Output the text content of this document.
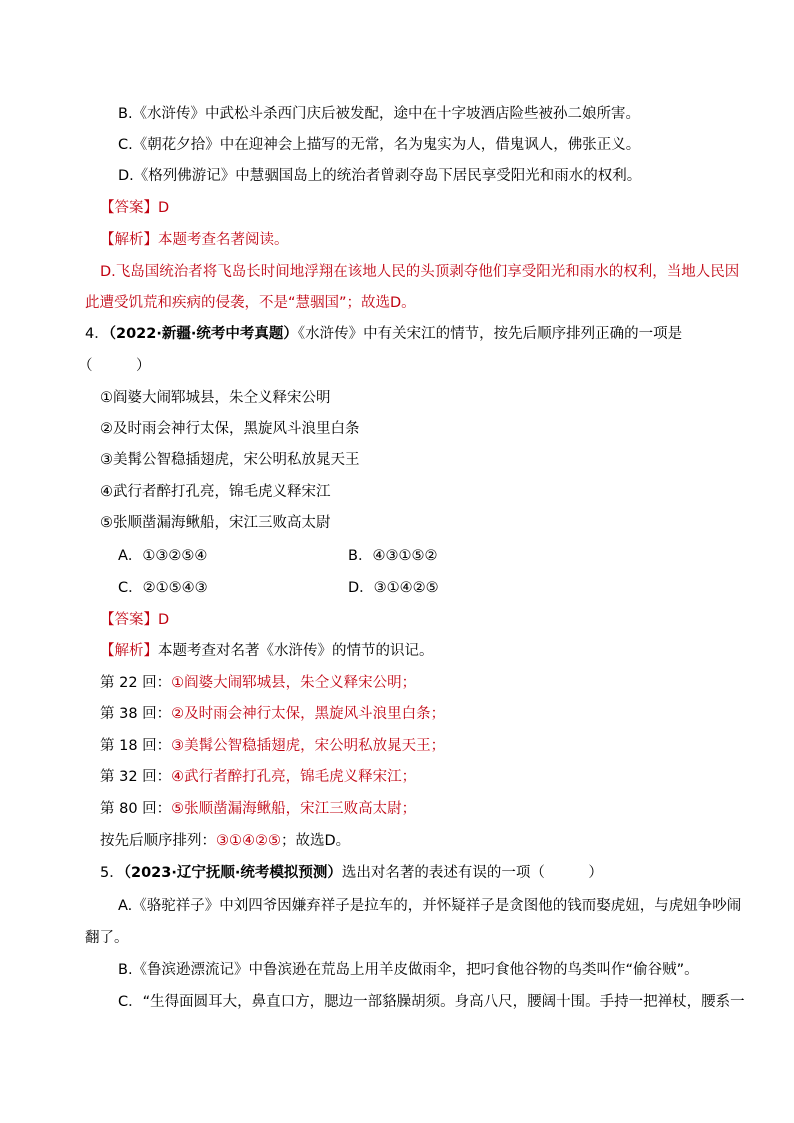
B.《水浒传》中武松斗杀西门庆后被发配，途中在十字坡酒店险些被孙二娘所害。
C.《朝花夕拾》中在迎神会上描写的无常，名为鬼实为人，借鬼讽人，佛张正义。
D.《格列佛游记》中慧骃国岛上的统治者曾剥夺岛下居民享受阳光和雨水的权利。
【答案】D
【解析】本题考查名著阅读。
D.飞岛国统治者将飞岛长时间地浮翔在该地人民的头顶剥夺他们享受阳光和雨水的权利，当地人民因
此遭受饥荒和疾病的侵袭，不是“慧骃国”；故选D。
4．（2022·新疆·统考中考真题）《水浒传》中有关宋江的情节，按先后顺序排列正确的一项是
（　　　）
①阎婆大闹郓城县，朱仝义释宋公明
②及时雨会神行太保，黑旋风斗浪里白条
③美髯公智稳插翅虎，宋公明私放晁天王
④武行者醉打孔亮，锦毛虎义释宋江
⑤张顺凿漏海鳅船，宋江三败高太尉
A．①③②⑤④	B．④③①⑤②
C．②①⑤④③	D．③①④②⑤
【答案】D
【解析】本题考查对名著《水浒传》的情节的识记。
第 22 回：①阎婆大闹郓城县，朱仝义释宋公明；
第 38 回：②及时雨会神行太保，黑旋风斗浪里白条；
第 18 回：③美髯公智稳插翅虎，宋公明私放晁天王；
第 32 回：④武行者醉打孔亮，锦毛虎义释宋江；
第 80 回：⑤张顺凿漏海鳅船，宋江三败高太尉；
按先后顺序排列：③①④②⑤；故选D。
5．（2023·辽宁抚顺·统考模拟预测）选出对名著的表述有误的一项（　　　）
A.《骆驼祥子》中刘四爷因嫌弃祥子是拉车的，并怀疑祥子是贪图他的钱而娶虎妞，与虎妞争吵闹
翻了。
B.《鲁滨逊漂流记》中鲁滨逊在荒岛上用羊皮做雨伞，把叼食他谷物的鸟类叫作“偷谷贼”。
C．“生得面圆耳大，鼻直口方，腮边一部貉臊胡须。身高八尺，腰阔十围。手持一把禅杖，腰系一
